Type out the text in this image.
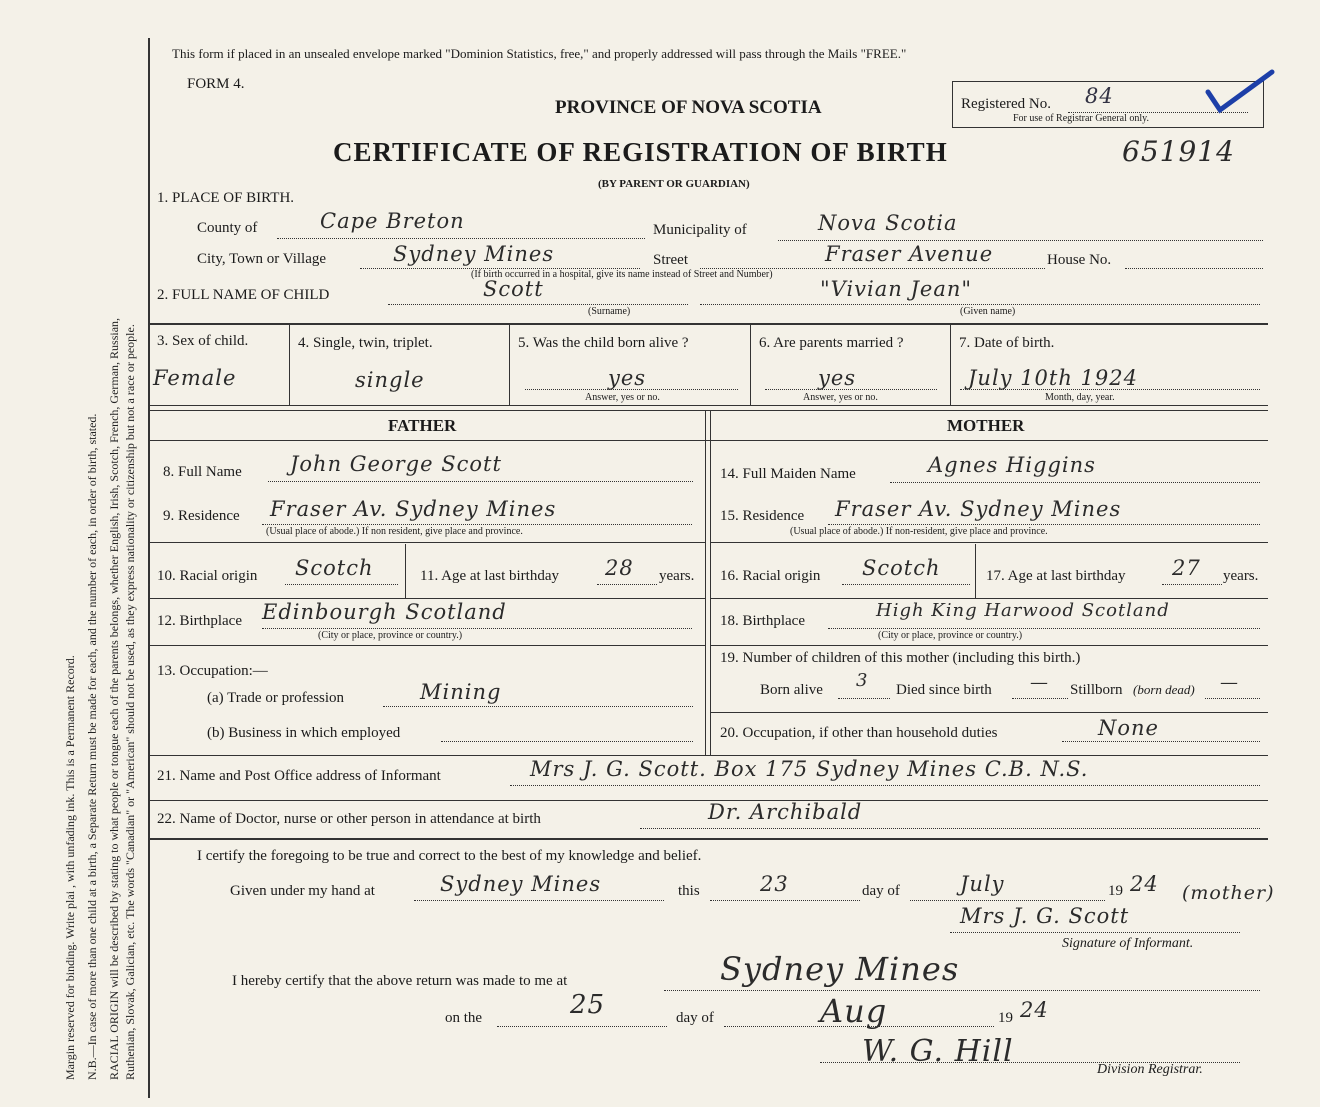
Margin reserved for binding. Write plai , with unfading ink. This is a Permanent Record. N.B.—In case of more than one child at a birth, a Separate Return must be made for each, and the number of each, in order of birth, stated. RACIAL ORIGIN will be described by stating to what people or tongue each of the parents belongs, whether English, Irish, Scotch, French, German, Russian, Ruthenian, Slovak, Galician, etc. The words "Canadian" or "American" should not be used, as they express nationality or citizenship but not a race or people.
This form if placed in an unsealed envelope marked "Dominion Statistics, free," and properly addressed will pass through the Mails "FREE."
FORM 4.
PROVINCE OF NOVA SCOTIA
CERTIFICATE OF REGISTRATION OF BIRTH
(BY PARENT OR GUARDIAN)
Registered No. 84
For use of Registrar General only.
651914
1. PLACE OF BIRTH.
County of	Cape Breton	Municipality of	Nova Scotia
City, Town or Village	Sydney Mines	Street	Fraser Avenue	House No.
(If birth occurred in a hospital, give its name instead of Street and Number)
2. FULL NAME OF CHILD	Scott
(Surname)
"Vivian Jean"
(Given name)
3. Sex of child.
Female
4. Single, twin, triplet.
single
5. Was the child born alive ?
yes
Answer, yes or no.
6. Are parents married ?
yes
Answer, yes or no.
7. Date of birth.
July 10th 1924
Month, day, year.
FATHER	MOTHER
8. Full Name John George Scott
9. Residence Fraser Av. Sydney Mines
(Usual place of abode.) If non resident, give place and province.
10. Racial origin Scotch	11. Age at last birthday 28 years.
12. Birthplace Edinbourgh Scotland
(City or place, province or country.)
13. Occupation:—
(a) Trade or profession	Mining
(b) Business in which employed
14. Full Maiden Name	Agnes Higgins
15. Residence Fraser Av. Sydney Mines
(Usual place of abode.) If non-resident, give place and province.
16. Racial origin Scotch	17. Age at last birthday 27 years.
18. Birthplace	High King Harwood Scotland
(City or place, province or country.)
19. Number of children of this mother (including this birth.)
Born alive 3 Died since birth — Stillborn (born dead) —
20. Occupation, if other than household duties	None
21. Name and Post Office address of Informant	Mrs J. G. Scott. Box 175 Sydney Mines C.B. N.S.
22. Name of Doctor, nurse or other person in attendance at birth	Dr. Archibald
I certify the foregoing to be true and correct to the best of my knowledge and belief.
Given under my hand at	Sydney Mines	this	23	day of	July	19 24 (mother)
Mrs J. G. Scott
Signature of Informant.
I hereby certify that the above return was made to me at	Sydney Mines
on the	25	day of	Aug	19 24
W. G. Hill
Division Registrar.
